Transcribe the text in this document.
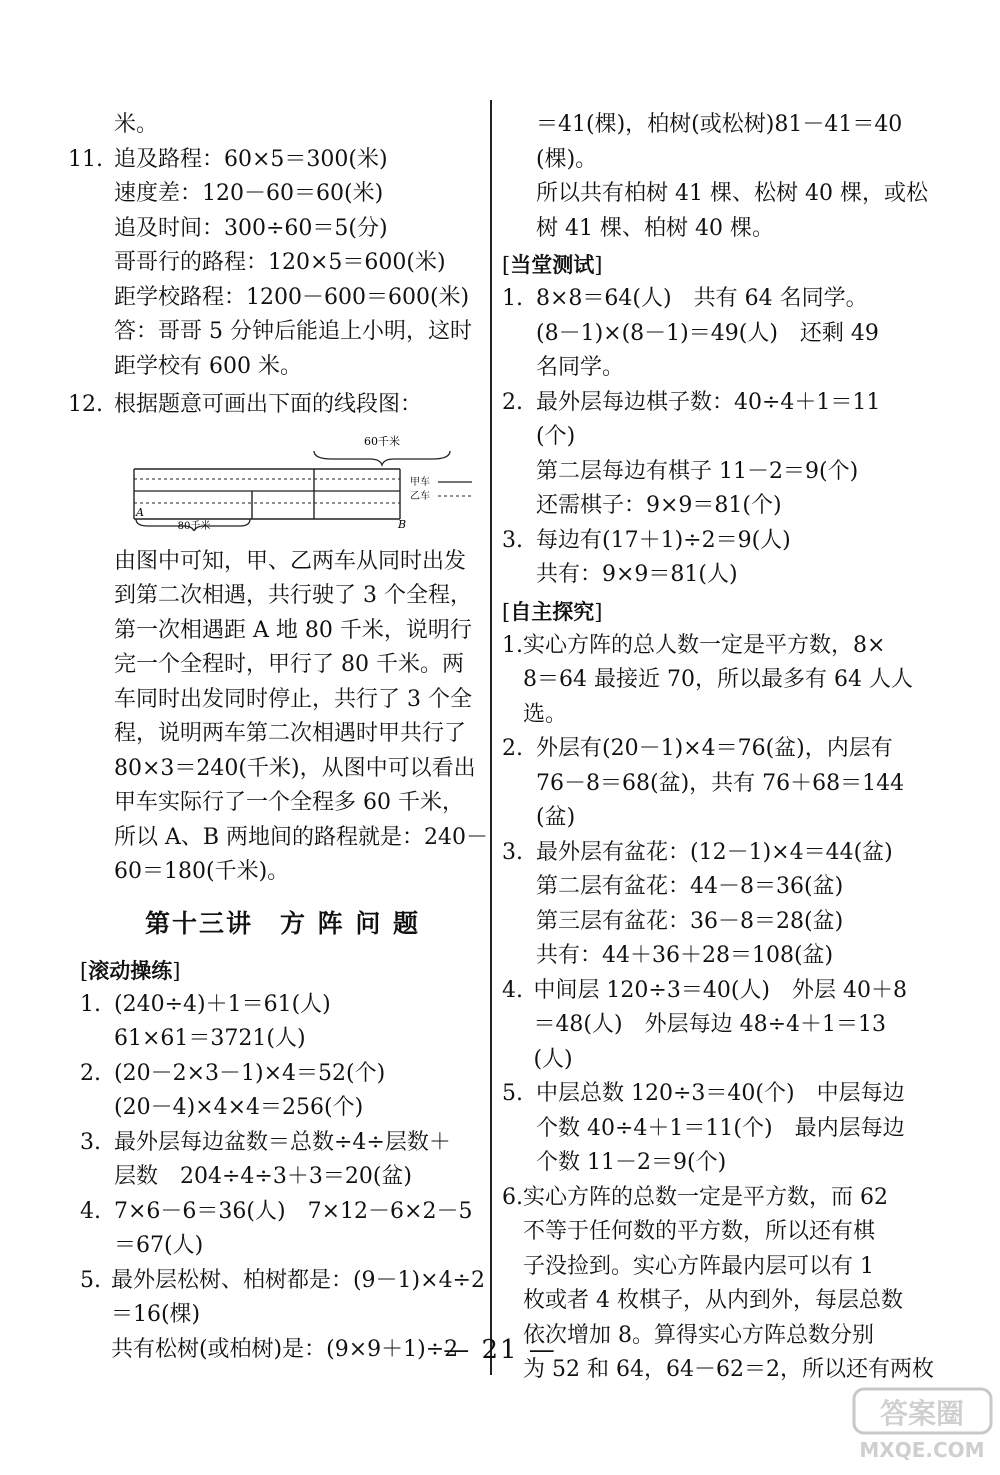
米。
11. 追及路程：60×5＝300(米)
速度差：120－60＝60(米)
追及时间：300÷60＝5(分)
哥哥行的路程：120×5＝600(米)
距学校路程：1200－600＝600(米)
答：哥哥 5 分钟后能追上小明，这时
距学校有 600 米。
12. 根据题意可画出下面的线段图：
60千米
A
B
80千米
甲车
乙车
由图中可知，甲、乙两车从同时出发
到第二次相遇，共行驶了 3 个全程，
第一次相遇距 A 地 80 千米，说明行
完一个全程时，甲行了 80 千米。两
车同时出发同时停止，共行了 3 个全
程，说明两车第二次相遇时甲共行了
80×3＝240(千米)，从图中可以看出
甲车实际行了一个全程多 60 千米，
所以 A、B 两地间的路程就是：240－
60＝180(千米)。
第十三讲　方 阵 问 题
[滚动操练]
1. (240÷4)＋1＝61(人)
61×61＝3721(人)
2. (20－2×3－1)×4＝52(个)
(20－4)×4×4＝256(个)
3. 最外层每边盆数＝总数÷4÷层数＋
层数　204÷4÷3＋3＝20(盆)
4. 7×6－6＝36(人)　7×12－6×2－5
＝67(人)
5. 最外层松树、柏树都是：(9－1)×4÷2
＝16(棵)
共有松树(或柏树)是：(9×9＋1)÷2
＝41(棵)，柏树(或松树)81－41＝40
(棵)。
所以共有柏树 41 棵、松树 40 棵，或松
树 41 棵、柏树 40 棵。
[当堂测试]
1. 8×8＝64(人)　共有 64 名同学。
(8－1)×(8－1)＝49(人)　还剩 49
名同学。
2. 最外层每边棋子数：40÷4＋1＝11
(个)
第二层每边有棋子 11－2＝9(个)
还需棋子：9×9＝81(个)
3. 每边有(17＋1)÷2＝9(人)
共有：9×9＝81(人)
[自主探究]
1. 实心方阵的总人数一定是平方数，8×
8＝64 最接近 70，所以最多有 64 人人
选。
2. 外层有(20－1)×4＝76(盆)，内层有
76－8＝68(盆)，共有 76＋68＝144
(盆)
3. 最外层有盆花：(12－1)×4＝44(盆)
第二层有盆花：44－8＝36(盆)
第三层有盆花：36－8＝28(盆)
共有：44＋36＋28＝108(盆)
4. 中间层 120÷3＝40(人)　外层 40＋8
＝48(人)　外层每边 48÷4＋1＝13
(人)
5. 中层总数 120÷3＝40(个)　中层每边
个数 40÷4＋1＝11(个)　最内层每边
个数 11－2＝9(个)
6. 实心方阵的总数一定是平方数，而 62
不等于任何数的平方数，所以还有棋
子没捡到。实心方阵最内层可以有 1
枚或者 4 枚棋子，从内到外，每层总数
依次增加 8。算得实心方阵总数分别
为 52 和 64，64－62＝2，所以还有两枚
— 21 —
答案圈
MXQE.COM
